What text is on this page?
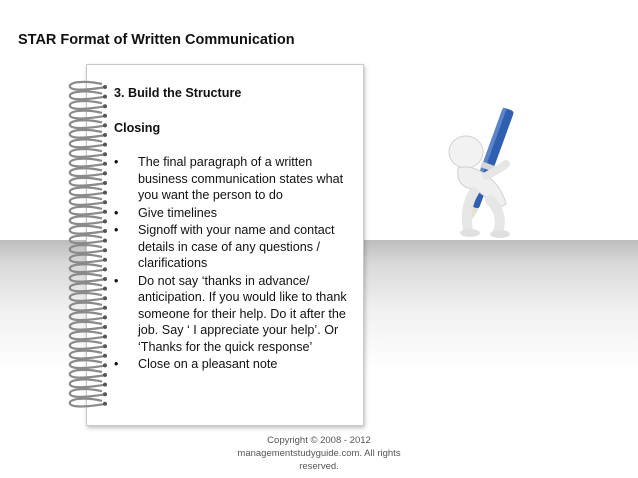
STAR Format of Written Communication

3. Build the Structure

Closing

• The final paragraph of a written business communication states what you want the person to do
• Give timelines
• Signoff with your name and contact details in case of any questions / clarifications
• Do not say ‘thanks in advance/ anticipation. If you would like to thank someone for their help. Do it after the job. Say ‘ I appreciate your help’. Or ‘Thanks for the quick response’
• Close on a pleasant note
Copyright © 2008 - 2012 managementstudyguide.com. All rights reserved.
